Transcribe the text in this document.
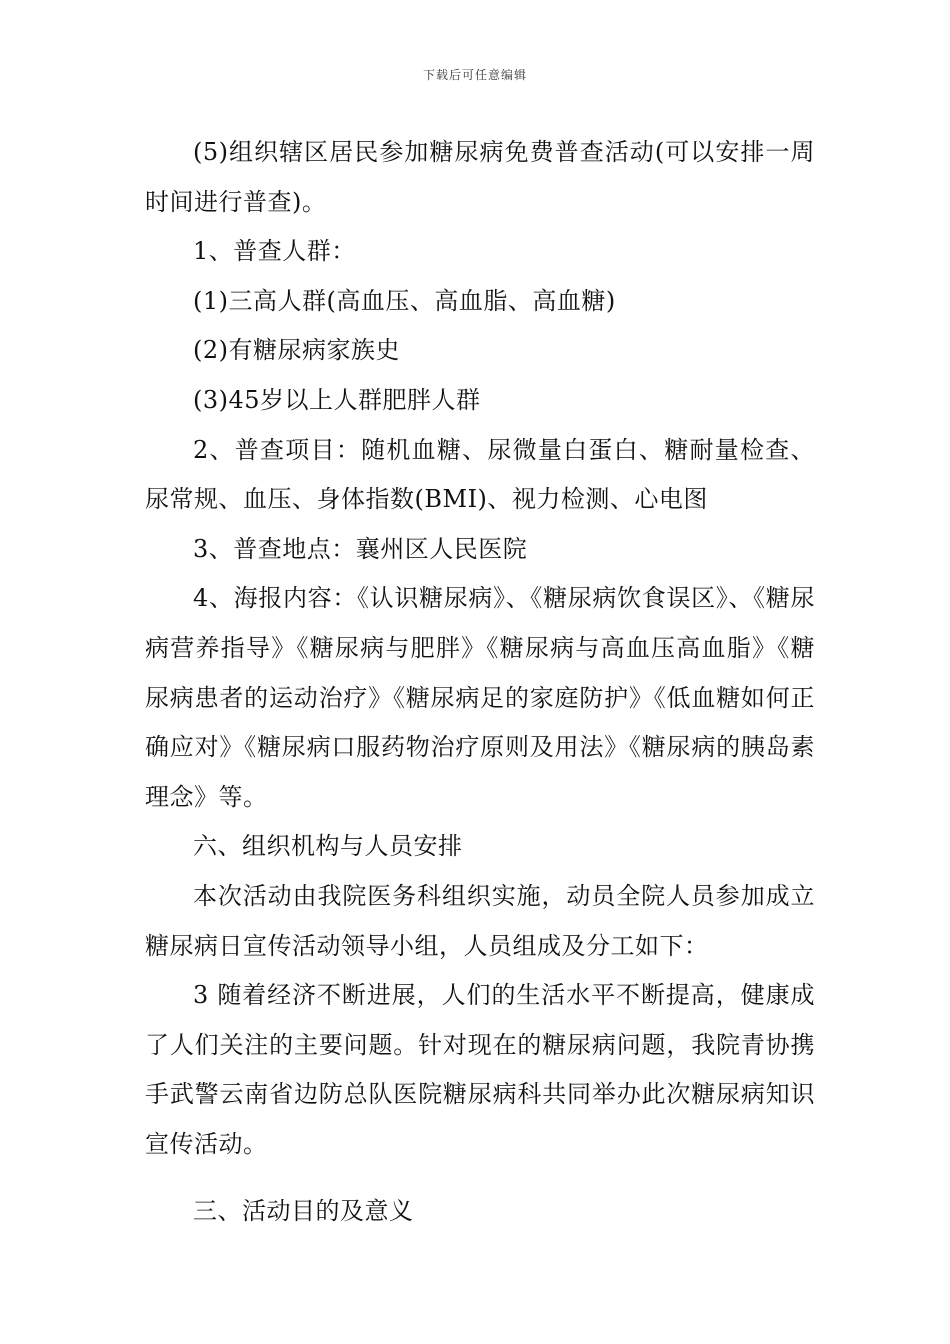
下载后可任意编辑

(5)组织辖区居民参加糖尿病免费普查活动(可以安排一周时间进行普查)。

1、普查人群：

(1)三高人群(高血压、高血脂、高血糖)

(2)有糖尿病家族史

(3)45岁以上人群肥胖人群

2、普查项目：随机血糖、尿微量白蛋白、糖耐量检查、尿常规、血压、身体指数(BMI)、视力检测、心电图

3、普查地点：襄州区人民医院

4、海报内容：《认识糖尿病》、《糖尿病饮食误区》、《糖尿病营养指导》《糖尿病与肥胖》《糖尿病与高血压高血脂》《糖尿病患者的运动治疗》《糖尿病足的家庭防护》《低血糖如何正确应对》《糖尿病口服药物治疗原则及用法》《糖尿病的胰岛素理念》等。

六、组织机构与人员安排

本次活动由我院医务科组织实施，动员全院人员参加成立糖尿病日宣传活动领导小组，人员组成及分工如下：

3 随着经济不断进展，人们的生活水平不断提高，健康成了人们关注的主要问题。针对现在的糖尿病问题，我院青协携手武警云南省边防总队医院糖尿病科共同举办此次糖尿病知识宣传活动。

三、活动目的及意义
